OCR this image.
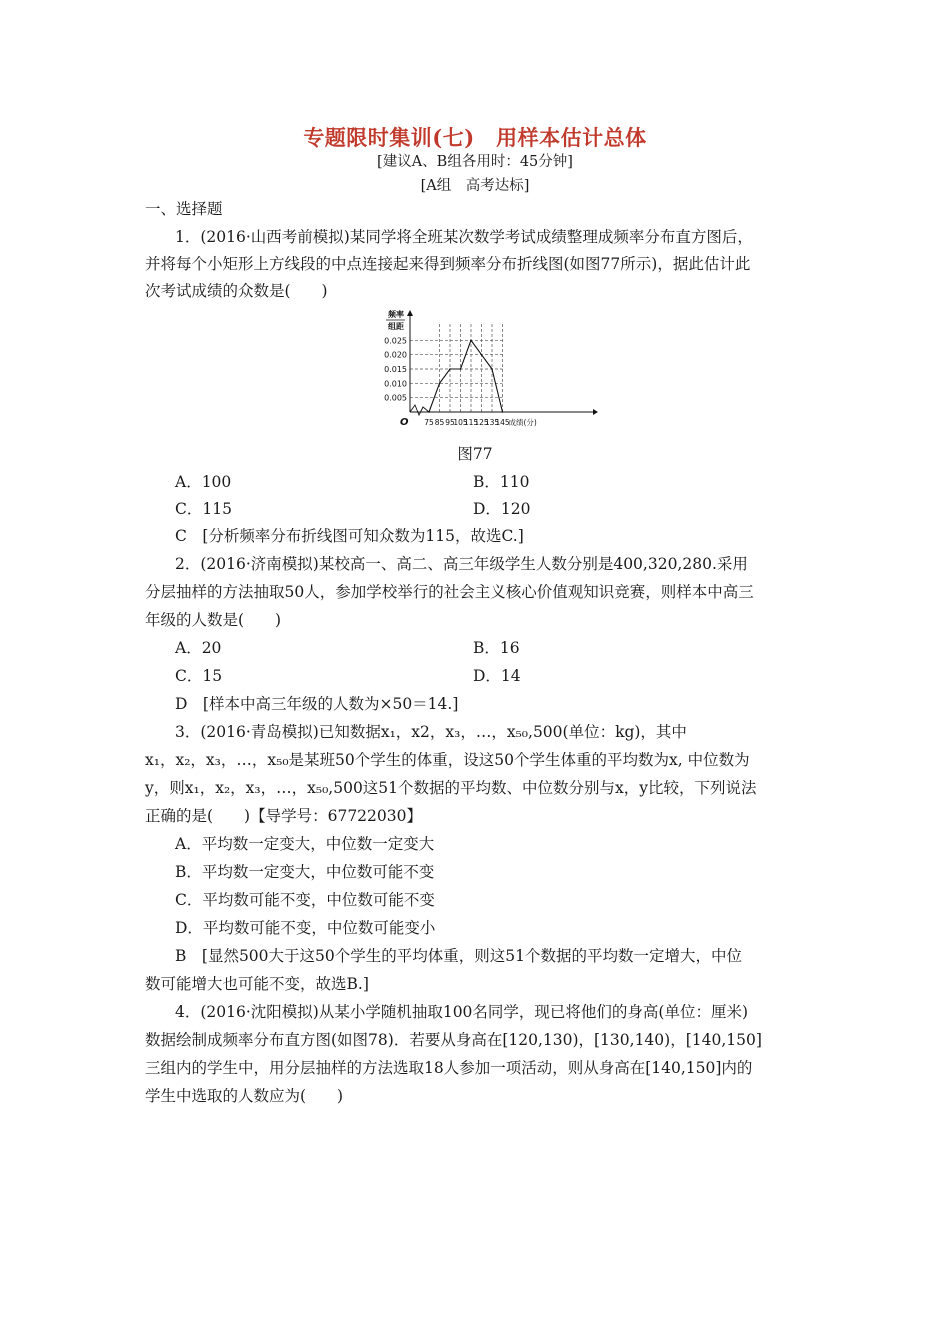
专题限时集训(七)　用样本估计总体
[建议A、B组各用时：45分钟]
[A组　高考达标]
一、选择题
1．(2016·山西考前模拟)某同学将全班某次数学考试成绩整理成频率分布直方图后，
并将每个小矩形上方线段的中点连接起来得到频率分布折线图(如图77所示)，据此估计此
次考试成绩的众数是(　　)
0.005
0.010
0.015
0.020
0.025
频率
组距
75 85 95
105
115
125
135
145
成绩(分)
O
图77
A．100	B．110
C．115	D．120
C　[分析频率分布折线图可知众数为115，故选C.]
2．(2016·济南模拟)某校高一、高二、高三年级学生人数分别是400,320,280.采用
分层抽样的方法抽取50人，参加学校举行的社会主义核心价值观知识竞赛，则样本中高三
年级的人数是(　　)
A．20	B．16
C．15	D．14
D　[样本中高三年级的人数为×50＝14.]
3．(2016·青岛模拟)已知数据x₁，x2，x₃，…，x₅₀,500(单位：kg)，其中
x₁，x₂，x₃，…，x₅₀是某班50个学生的体重，设这50个学生体重的平均数为x, 中位数为
y，则x₁，x₂，x₃，…，x₅₀,500这51个数据的平均数、中位数分别与x，y比较，下列说法
正确的是(　　)【导学号：67722030】
A．平均数一定变大，中位数一定变大
B．平均数一定变大，中位数可能不变
C．平均数可能不变，中位数可能不变
D．平均数可能不变，中位数可能变小
B　[显然500大于这50个学生的平均体重，则这51个数据的平均数一定增大，中位
数可能增大也可能不变，故选B.]
4．(2016·沈阳模拟)从某小学随机抽取100名同学，现已将他们的身高(单位：厘米)
数据绘制成频率分布直方图(如图78)．若要从身高在[120,130)，[130,140)，[140,150]
三组内的学生中，用分层抽样的方法选取18人参加一项活动，则从身高在[140,150]内的
学生中选取的人数应为(　　)
